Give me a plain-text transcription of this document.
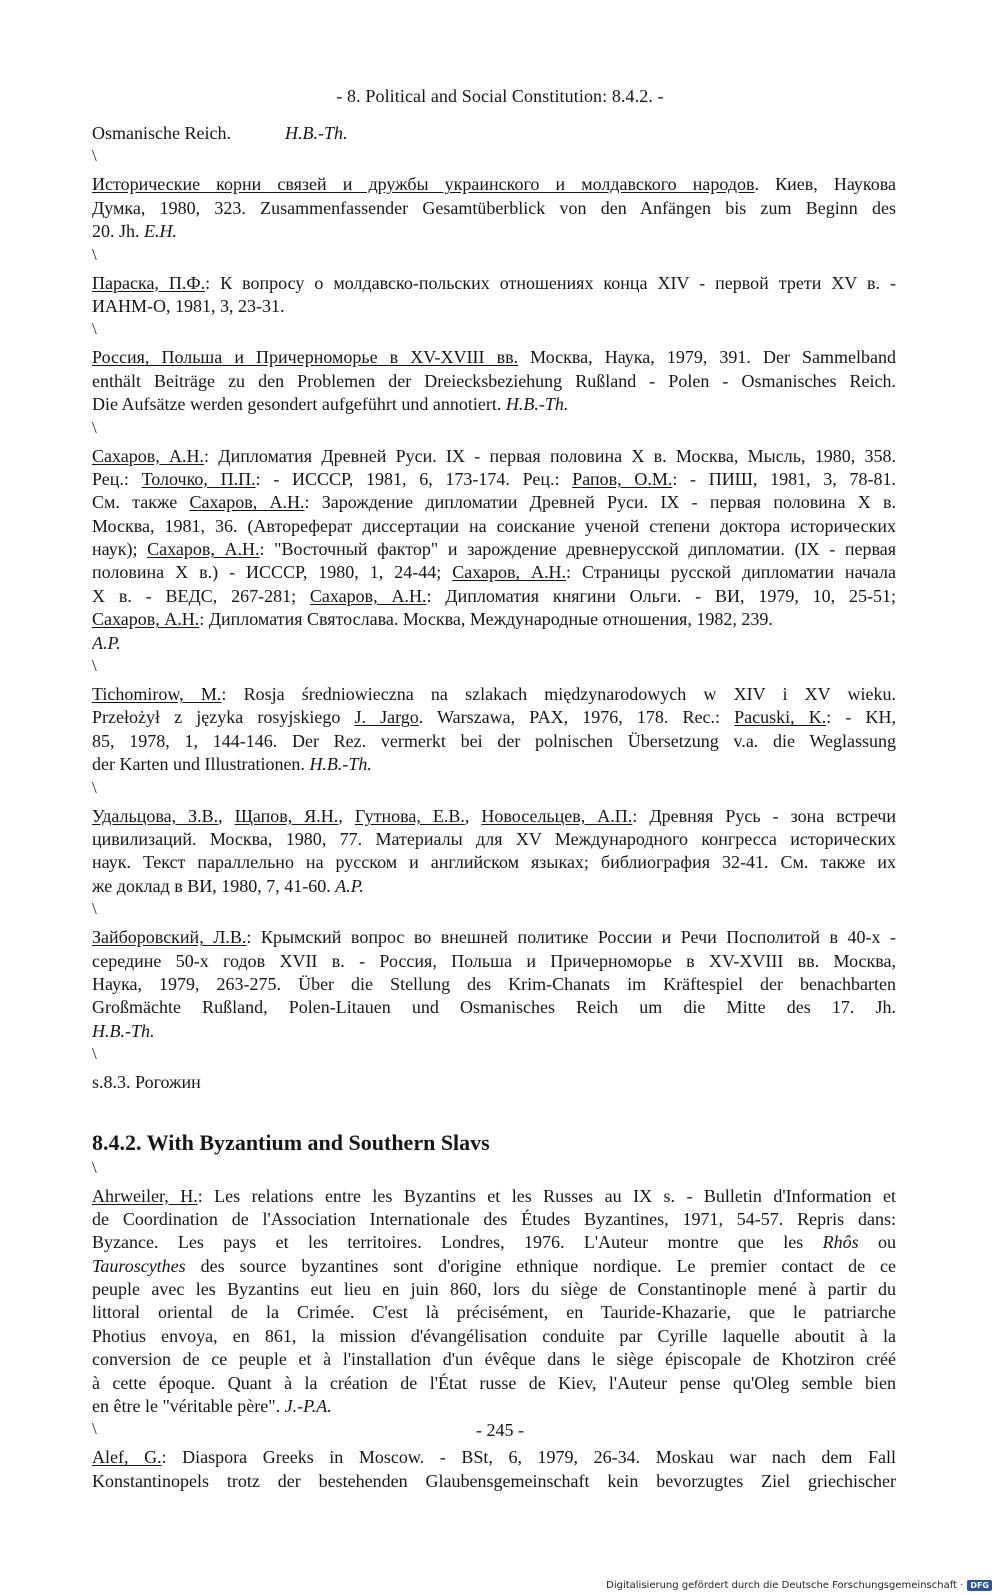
- 8. Political and Social Constitution: 8.4.2. -
Osmanische Reich.	H.B.-Th.
\
Исторические корни связей и дружбы украинского и молдавского народов. Киев, Наукова
Думка, 1980, 323. Zusammenfassender Gesamtüberblick von den Anfängen bis zum Beginn des
20. Jh. E.H.
\
Параска, П.Ф.: К вопросу о молдавско-польских отношениях конца XIV - первой трети XV в. -
ИАНМ-О, 1981, 3, 23-31.
\
Россия, Польша и Причерноморье в XV-XVIII вв. Москва, Наука, 1979, 391. Der Sammelband
enthält Beiträge zu den Problemen der Dreiecksbeziehung Rußland - Polen - Osmanisches Reich.
Die Aufsätze werden gesondert aufgeführt und annotiert. H.B.-Th.
\
Сахаров, А.Н.: Дипломатия Древней Руси. IX - первая половина X в. Москва, Мысль, 1980, 358.
Рец.: Толочко, П.П.: - ИССCР, 1981, 6, 173-174. Рец.: Рапов, О.М.: - ПИШ, 1981, 3, 78-81.
См. также Сахаров, А.Н.: Зарождение дипломатии Древней Руси. IX - первая половина X в.
Москва, 1981, 36. (Автореферат диссертации на соискание ученой степени доктора исторических
наук); Сахаров, А.Н.: "Восточный фактор" и зарождение древнерусской дипломатии. (IX - первая
половина X в.) - ИССCР, 1980, 1, 24-44; Сахаров, А.Н.: Страницы русской дипломатии начала
X в. - ВЕДС, 267-281; Сахаров, А.Н.: Дипломатия княгини Ольги. - ВИ, 1979, 10, 25-51;
Сахаров, А.Н.: Дипломатия Святослава. Москва, Международные отношения, 1982, 239.
A.P.
\
Tichomirow, M.: Rosja średniowieczna na szlakach międzynarodowych w XIV i XV wieku.
Przełożył z języka rosyjskiego J. Jargo. Warszawa, PAX, 1976, 178. Rec.: Pacuski, K.: - KH,
85, 1978, 1, 144-146. Der Rez. vermerkt bei der polnischen Übersetzung v.a. die Weglassung
der Karten und Illustrationen. H.B.-Th.
\
Удальцова, З.В., Щапов, Я.Н., Гутнова, Е.В., Новосельцев, А.П.: Древняя Русь - зона встречи
цивилизаций. Москва, 1980, 77. Материалы для XV Международного конгресса исторических
наук. Текст параллельно на русском и английском языках; библиография 32-41. См. также их
же доклад в ВИ, 1980, 7, 41-60. A.P.
\
Зайборовский, Л.В.: Крымский вопрос во внешней политике России и Речи Посполитой в 40-х -
середине 50-х годов XVII в. - Россия, Польша и Причерноморье в XV-XVIII вв. Москва,
Наука, 1979, 263-275. Über die Stellung des Krim-Chanats im Kräftespiel der benachbarten
Großmächte Rußland, Polen-Litauen und Osmanisches Reich um die Mitte des 17. Jh.
H.B.-Th.
\
s.8.3. Рогожин
8.4.2. With Byzantium and Southern Slavs
\
Ahrweiler, H.: Les relations entre les Byzantins et les Russes au IX s. - Bulletin d'Information et
de Coordination de l'Association Internationale des Études Byzantines, 1971, 54-57. Repris dans:
Byzance. Les pays et les territoires. Londres, 1976. L'Auteur montre que les Rhôs ou
Tauroscythes des source byzantines sont d'origine ethnique nordique. Le premier contact de ce
peuple avec les Byzantins eut lieu en juin 860, lors du siège de Constantinople mené à partir du
littoral oriental de la Crimée. C'est là précisément, en Tauride-Khazarie, que le patriarche
Photius envoya, en 861, la mission d'évangélisation conduite par Cyrille laquelle aboutit à la
conversion de ce peuple et à l'installation d'un évêque dans le siège épiscopale de Khotziron créé
à cette époque. Quant à la création de l'État russe de Kiev, l'Auteur pense qu'Oleg semble bien
en être le "véritable père". J.-P.A.
\
Alef, G.: Diaspora Greeks in Moscow. - BSt, 6, 1979, 26-34. Moskau war nach dem Fall
Konstantinopels trotz der bestehenden Glaubensgemeinschaft kein bevorzugtes Ziel griechischer
- 245 -
Digitalisierung gefördert durch die Deutsche Forschungsgemeinschaft · DFG
